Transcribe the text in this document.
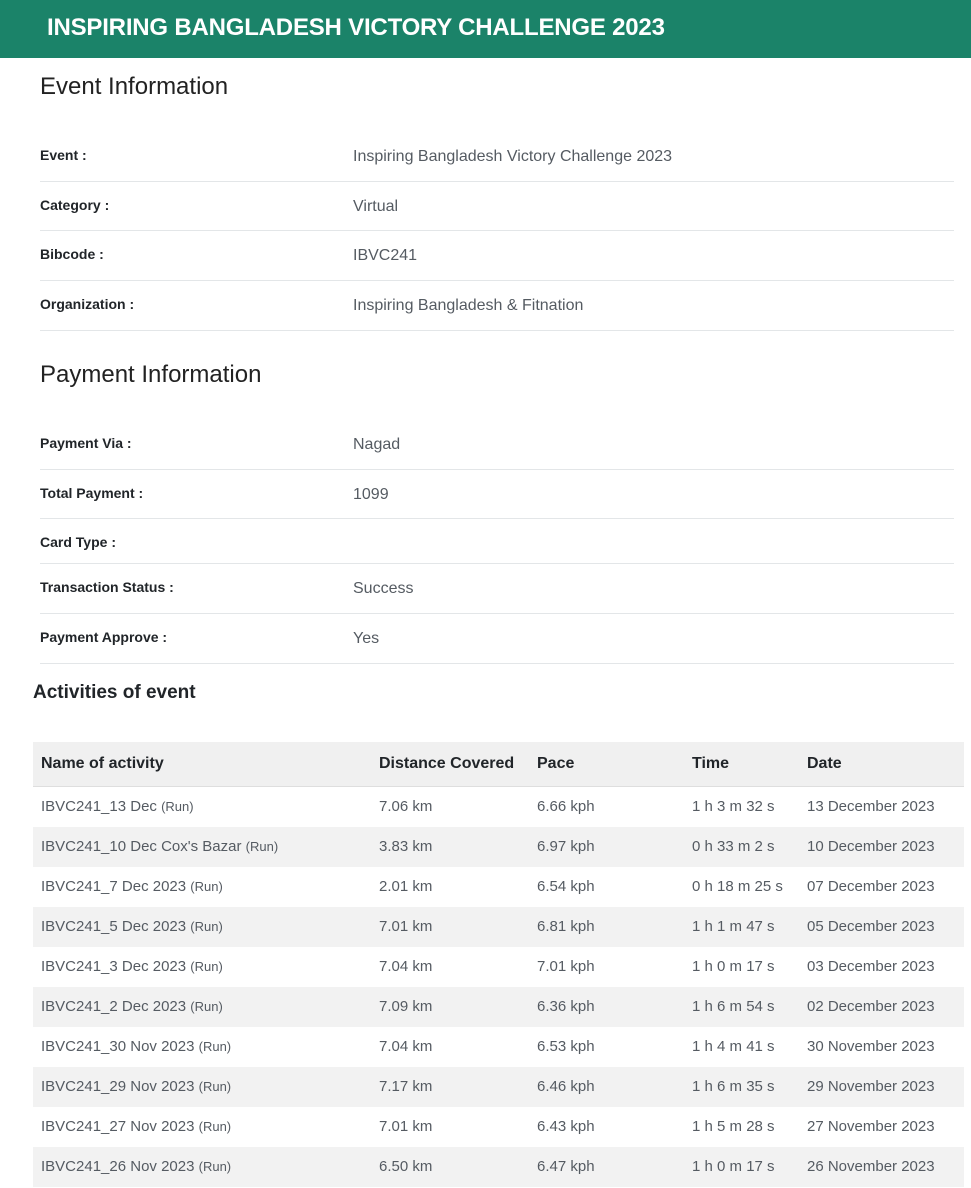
INSPIRING BANGLADESH VICTORY CHALLENGE 2023
Event Information
Event :	Inspiring Bangladesh Victory Challenge 2023
Category :	Virtual
Bibcode :	IBVC241
Organization :	Inspiring Bangladesh & Fitnation
Payment Information
Payment Via :	Nagad
Total Payment :	1099
Card Type :
Transaction Status :	Success
Payment Approve :	Yes
Activities of event
Name of activity	Distance Covered Pace	Time	Date
IBVC241_13 Dec (Run)	7.06 km	6.66 kph	1 h 3 m 32 s 13 December 2023
IBVC241_10 Dec Cox's Bazar (Run)	3.83 km	6.97 kph	0 h 33 m 2 s 10 December 2023
IBVC241_7 Dec 2023 (Run)	2.01 km	6.54 kph	0 h 18 m 25 s 07 December 2023
IBVC241_5 Dec 2023 (Run)	7.01 km	6.81 kph	1 h 1 m 47 s 05 December 2023
IBVC241_3 Dec 2023 (Run)	7.04 km	7.01 kph	1 h 0 m 17 s 03 December 2023
IBVC241_2 Dec 2023 (Run)	7.09 km	6.36 kph	1 h 6 m 54 s 02 December 2023
IBVC241_30 Nov 2023 (Run)	7.04 km	6.53 kph	1 h 4 m 41 s 30 November 2023
IBVC241_29 Nov 2023 (Run)	7.17 km	6.46 kph	1 h 6 m 35 s 29 November 2023
IBVC241_27 Nov 2023 (Run)	7.01 km	6.43 kph	1 h 5 m 28 s 27 November 2023
IBVC241_26 Nov 2023 (Run)	6.50 km	6.47 kph	1 h 0 m 17 s 26 November 2023
